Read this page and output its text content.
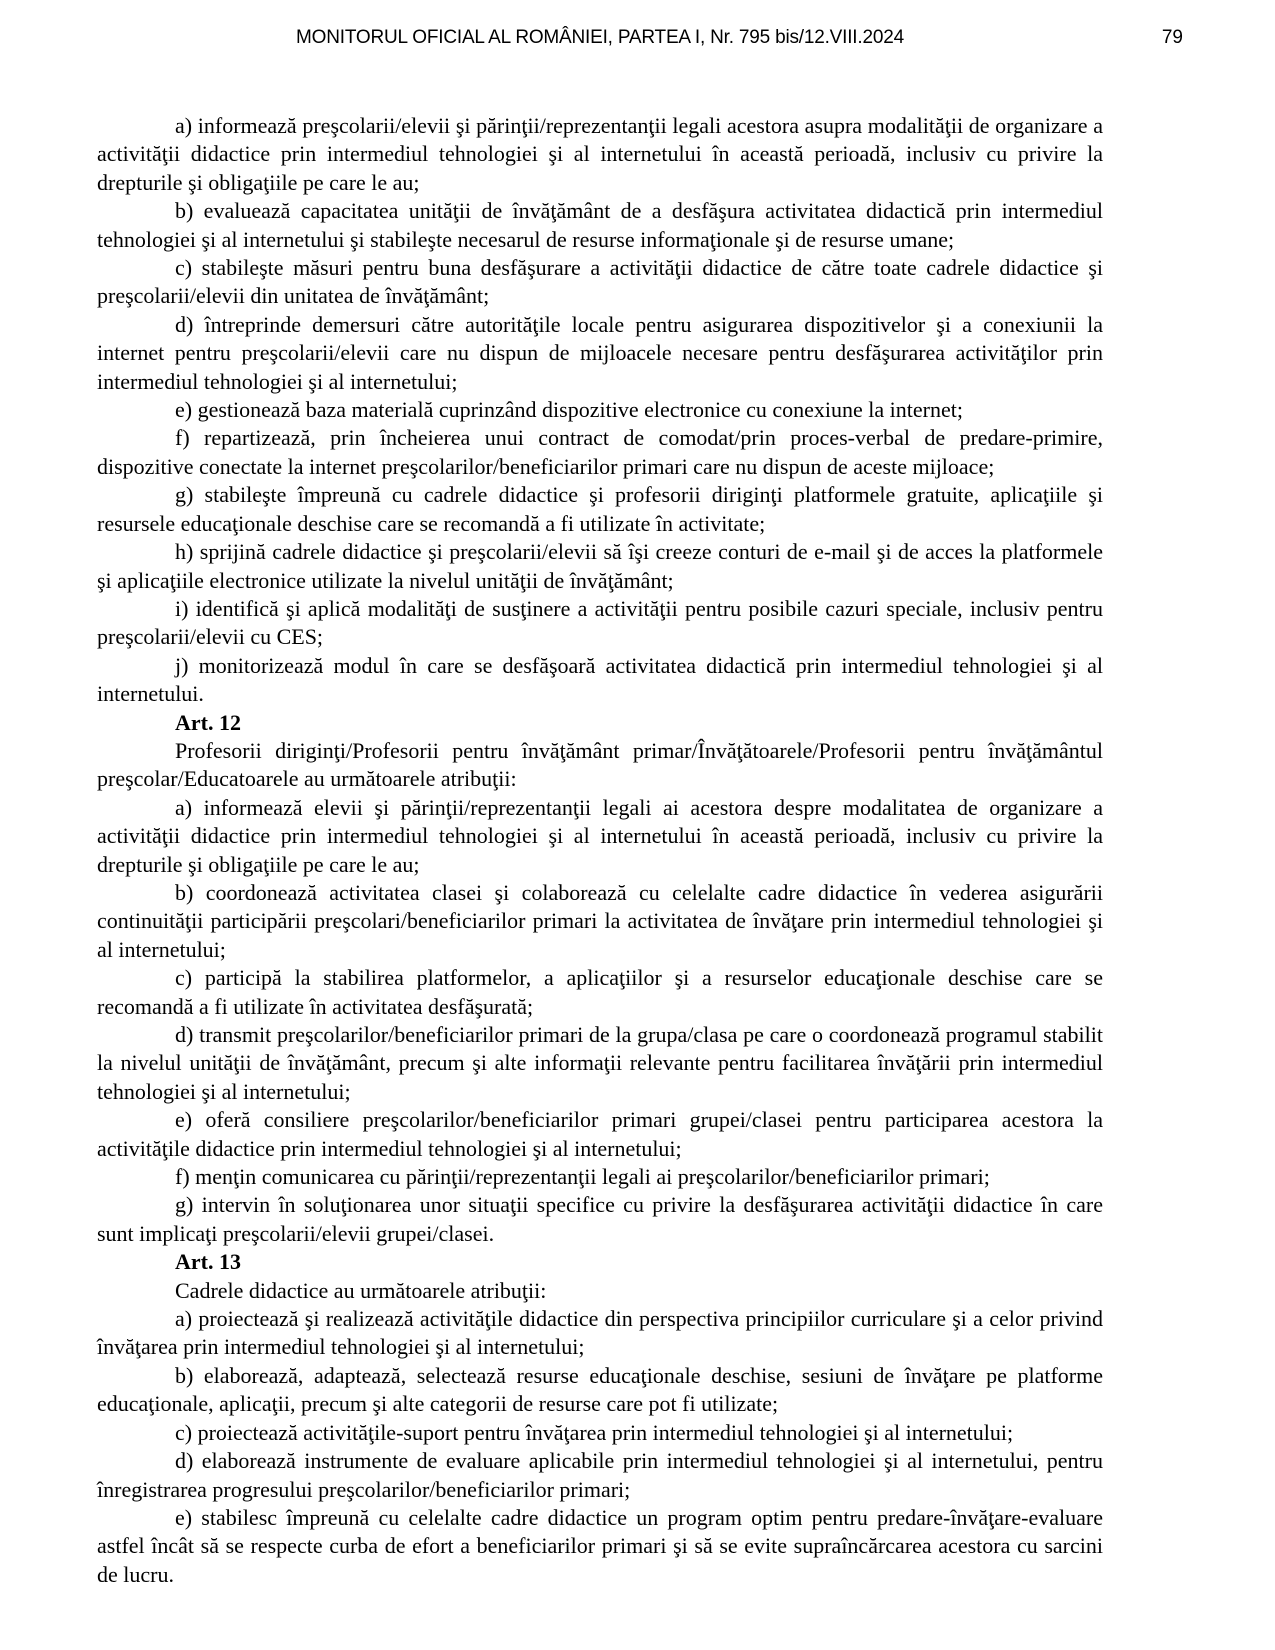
MONITORUL OFICIAL AL ROMÂNIEI, PARTEA I, Nr. 795 bis/12.VIII.2024	79

a) informează preşcolarii/elevii şi părinţii/reprezentanţii legali acestora asupra modalităţii de organizare a activităţii didactice prin intermediul tehnologiei şi al internetului în această perioadă, inclusiv cu privire la drepturile şi obligaţiile pe care le au;

b) evaluează capacitatea unităţii de învăţământ de a desfăşura activitatea didactică prin intermediul tehnologiei şi al internetului şi stabileşte necesarul de resurse informaţionale şi de resurse umane;

c) stabileşte măsuri pentru buna desfăşurare a activităţii didactice de către toate cadrele didactice şi preşcolarii/elevii din unitatea de învăţământ;

d) întreprinde demersuri către autorităţile locale pentru asigurarea dispozitivelor şi a conexiunii la internet pentru preşcolarii/elevii care nu dispun de mijloacele necesare pentru desfăşurarea activităţilor prin intermediul tehnologiei şi al internetului;

e) gestionează baza materială cuprinzând dispozitive electronice cu conexiune la internet;

f) repartizează, prin încheierea unui contract de comodat/prin proces-verbal de predare-primire, dispozitive conectate la internet preşcolarilor/beneficiarilor primari care nu dispun de aceste mijloace;

g) stabileşte împreună cu cadrele didactice şi profesorii diriginţi platformele gratuite, aplicaţiile şi resursele educaţionale deschise care se recomandă a fi utilizate în activitate;

h) sprijină cadrele didactice şi preşcolarii/elevii să îşi creeze conturi de e-mail şi de acces la platformele şi aplicaţiile electronice utilizate la nivelul unităţii de învăţământ;

i) identifică şi aplică modalităţi de susţinere a activităţii pentru posibile cazuri speciale, inclusiv pentru preşcolarii/elevii cu CES;

j) monitorizează modul în care se desfăşoară activitatea didactică prin intermediul tehnologiei şi al internetului.

Art. 12

Profesorii diriginţi/Profesorii pentru învăţământ primar/Învăţătoarele/Profesorii pentru învăţământul preşcolar/Educatoarele au următoarele atribuţii:

a) informează elevii şi părinţii/reprezentanţii legali ai acestora despre modalitatea de organizare a activităţii didactice prin intermediul tehnologiei şi al internetului în această perioadă, inclusiv cu privire la drepturile şi obligaţiile pe care le au;

b) coordonează activitatea clasei şi colaborează cu celelalte cadre didactice în vederea asigurării continuităţii participării preşcolari/beneficiarilor primari la activitatea de învăţare prin intermediul tehnologiei şi al internetului;

c) participă la stabilirea platformelor, a aplicaţiilor şi a resurselor educaţionale deschise care se recomandă a fi utilizate în activitatea desfăşurată;

d) transmit preşcolarilor/beneficiarilor primari de la grupa/clasa pe care o coordonează programul stabilit la nivelul unităţii de învăţământ, precum şi alte informaţii relevante pentru facilitarea învăţării prin intermediul tehnologiei şi al internetului;

e) oferă consiliere preşcolarilor/beneficiarilor primari grupei/clasei pentru participarea acestora la activităţile didactice prin intermediul tehnologiei şi al internetului;

f) menţin comunicarea cu părinţii/reprezentanţii legali ai preşcolarilor/beneficiarilor primari;

g) intervin în soluţionarea unor situaţii specifice cu privire la desfăşurarea activităţii didactice în care sunt implicaţi preşcolarii/elevii grupei/clasei.

Art. 13

Cadrele didactice au următoarele atribuţii:

a) proiectează şi realizează activităţile didactice din perspectiva principiilor curriculare şi a celor privind învăţarea prin intermediul tehnologiei şi al internetului;

b) elaborează, adaptează, selectează resurse educaţionale deschise, sesiuni de învăţare pe platforme educaţionale, aplicaţii, precum şi alte categorii de resurse care pot fi utilizate;

c) proiectează activităţile-suport pentru învăţarea prin intermediul tehnologiei şi al internetului;

d) elaborează instrumente de evaluare aplicabile prin intermediul tehnologiei şi al internetului, pentru înregistrarea progresului preşcolarilor/beneficiarilor primari;

e) stabilesc împreună cu celelalte cadre didactice un program optim pentru predare-învăţare-evaluare astfel încât să se respecte curba de efort a beneficiarilor primari şi să se evite supraîncărcarea acestora cu sarcini de lucru.
